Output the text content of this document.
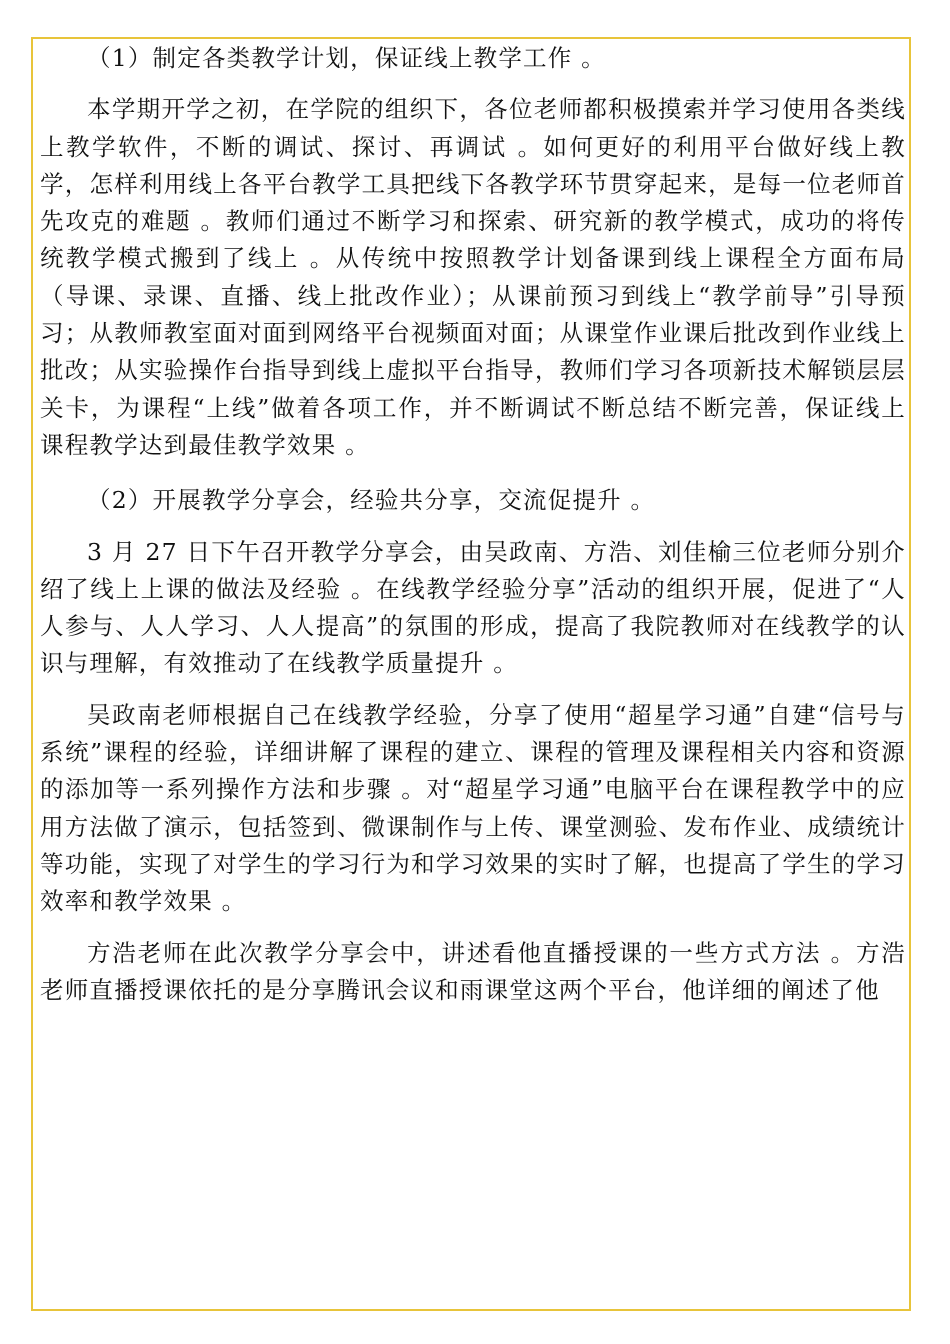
（1）制定各类教学计划，保证线上教学工作 。

本学期开学之初，在学院的组织下，各位老师都积极摸索并学习使用各类线上教学软件，不断的调试、探讨、再调试 。如何更好的利用平台做好线上教学，怎样利用线上各平台教学工具把线下各教学环节贯穿起来，是每一位老师首先攻克的难题 。教师们通过不断学习和探索、研究新的教学模式，成功的将传统教学模式搬到了线上 。从传统中按照教学计划备课到线上课程全方面布局（导课、录课、直播、线上批改作业）；从课前预习到线上“教学前导”引导预习；从教师教室面对面到网络平台视频面对面；从课堂作业课后批改到作业线上批改；从实验操作台指导到线上虚拟平台指导，教师们学习各项新技术解锁层层关卡，为课程“上线”做着各项工作，并不断调试不断总结不断完善，保证线上课程教学达到最佳教学效果 。

（2）开展教学分享会，经验共分享，交流促提升 。

3 月 27 日下午召开教学分享会，由吴政南、方浩、刘佳榆三位老师分别介绍了线上上课的做法及经验 。在线教学经验分享”活动的组织开展，促进了“人人参与、人人学习、人人提高”的氛围的形成，提高了我院教师对在线教学的认识与理解，有效推动了在线教学质量提升 。

吴政南老师根据自己在线教学经验，分享了使用“超星学习通”自建“信号与系统”课程的经验，详细讲解了课程的建立、课程的管理及课程相关内容和资源的添加等一系列操作方法和步骤 。对“超星学习通”电脑平台在课程教学中的应用方法做了演示，包括签到、微课制作与上传、课堂测验、发布作业、成绩统计等功能，实现了对学生的学习行为和学习效果的实时了解，也提高了学生的学习效率和教学效果 。

方浩老师在此次教学分享会中，讲述看他直播授课的一些方式方法 。方浩老师直播授课依托的是分享腾讯会议和雨课堂这两个平台，他详细的阐述了他
